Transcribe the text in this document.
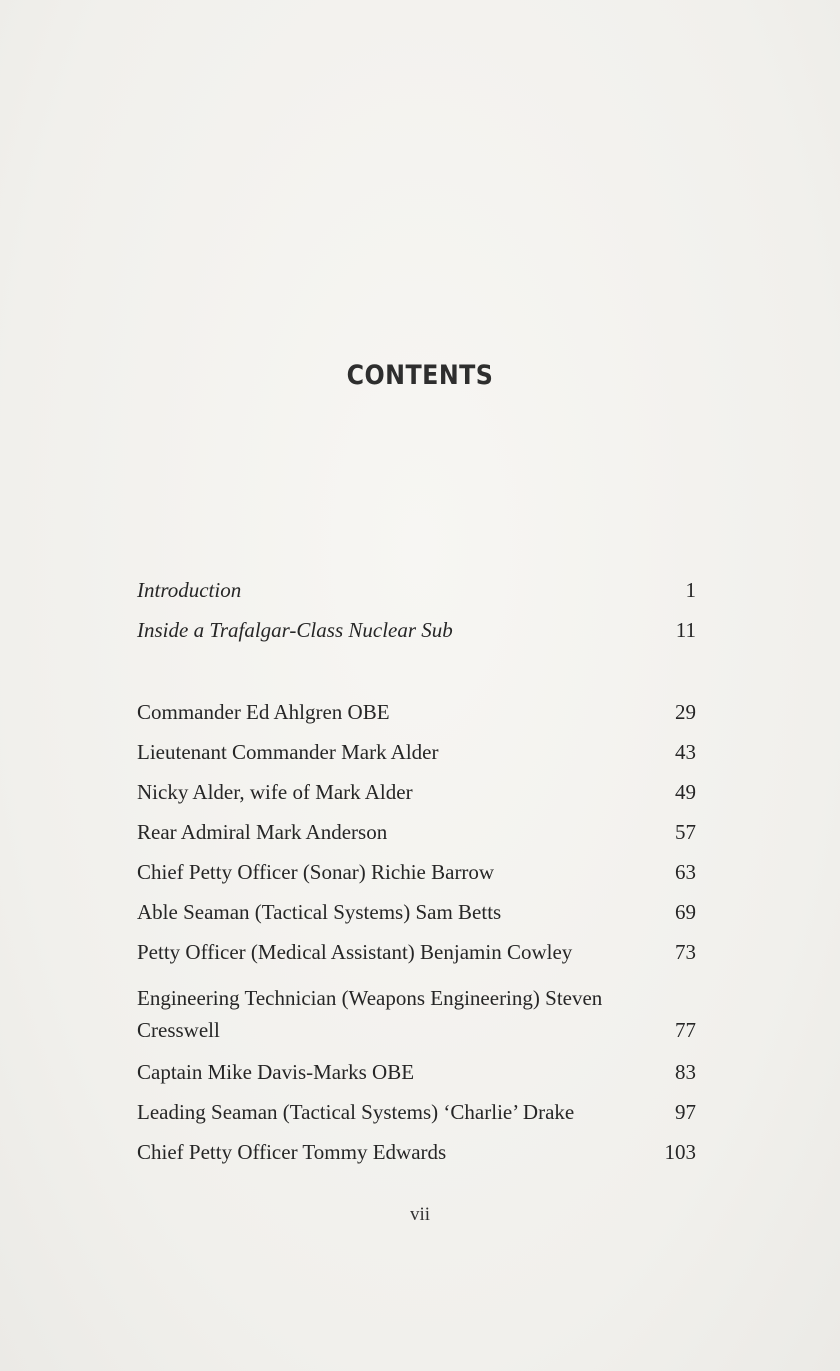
CONTENTS
Introduction	1
Inside a Trafalgar-Class Nuclear Sub	11
Commander Ed Ahlgren OBE	29
Lieutenant Commander Mark Alder	43
Nicky Alder, wife of Mark Alder	49
Rear Admiral Mark Anderson	57
Chief Petty Officer (Sonar) Richie Barrow	63
Able Seaman (Tactical Systems) Sam Betts	69
Petty Officer (Medical Assistant) Benjamin Cowley	73
Engineering Technician (Weapons Engineering) Steven Cresswell	77
Captain Mike Davis-Marks OBE	83
Leading Seaman (Tactical Systems) ‘Charlie’ Drake	97
Chief Petty Officer Tommy Edwards	103
vii
